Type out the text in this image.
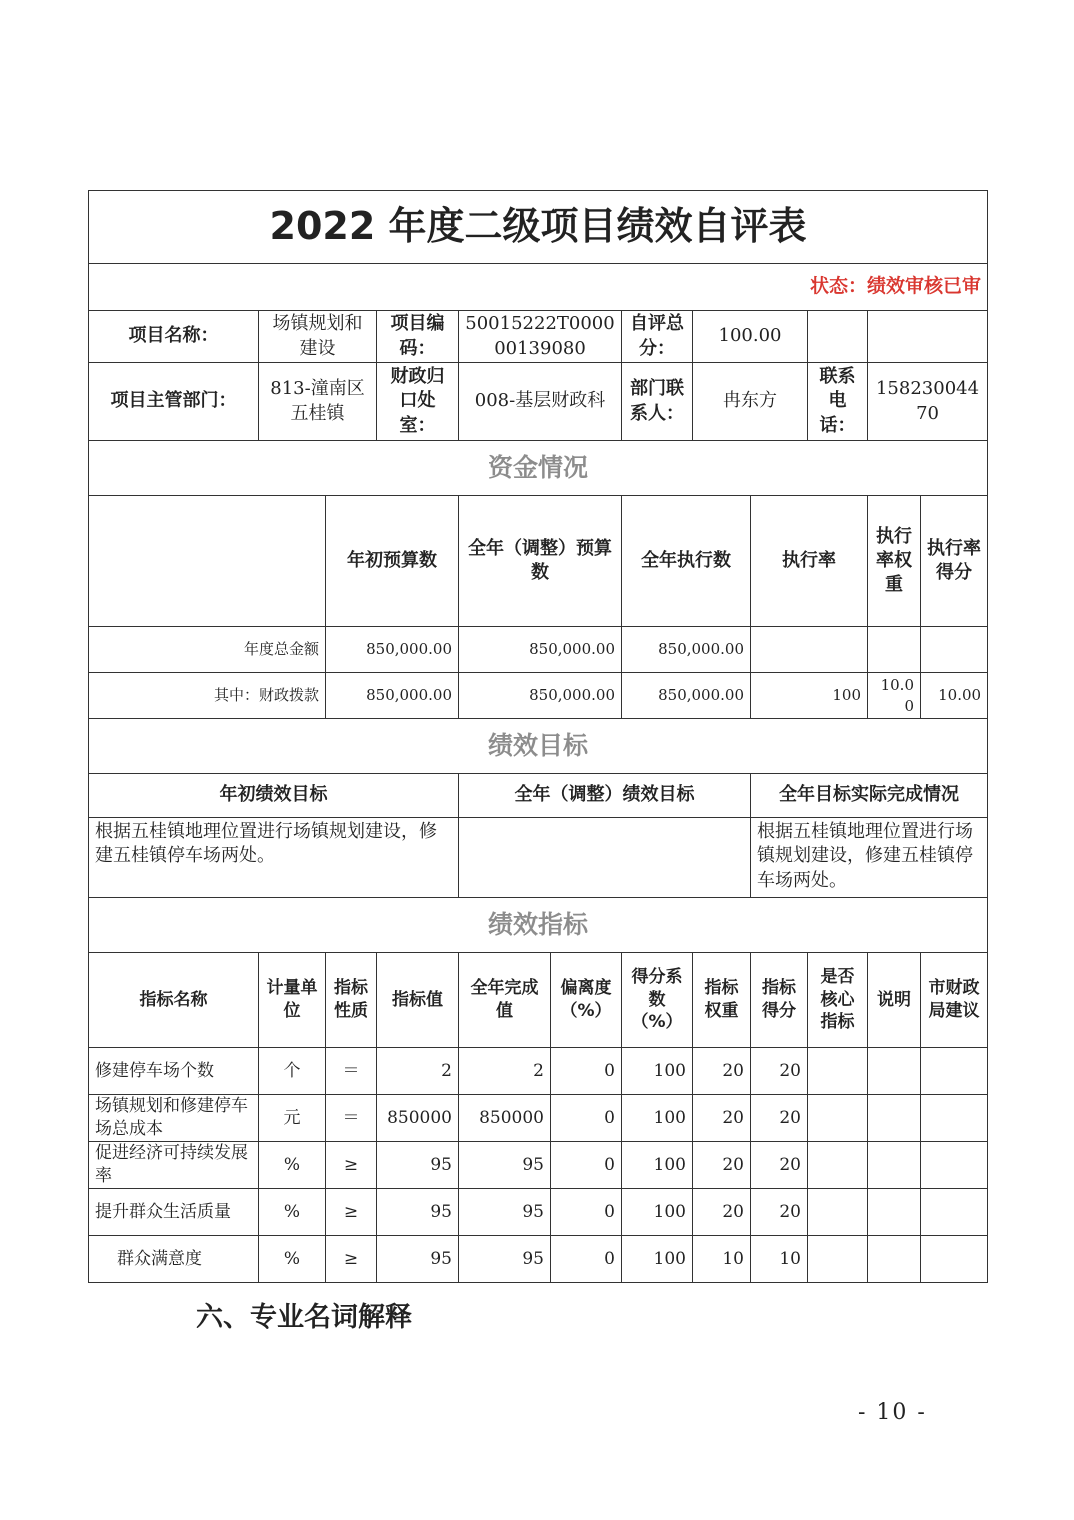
2022 年度二级项目绩效自评表											
状态：绩效审核已审											
项目名称：	场镇规划和建设		项目编码：	50015222T000000139080		自评总分：	100.00				
项目主管部门：	813-潼南区五桂镇		财政归口处室：	008-基层财政科		部门联系人：	冉东方		联系电话：	15823004470	
资金情况											
		年初预算数		全年（调整）预算数		全年执行数		执行率		执行率权重	执行率得分
年度总金额		850,000.00		850,000.00		850,000.00					
其中：财政拨款		850,000.00		850,000.00		850,000.00		100		10.00	10.00
绩效目标											
年初绩效目标				全年（调整）绩效目标				全年目标实际完成情况			
根据五桂镇地理位置进行场镇规划建设，修建五桂镇停车场两处。								根据五桂镇地理位置进行场镇规划建设，修建五桂镇停车场两处。			
绩效指标											
指标名称	计量单位	指标性质	指标值	全年完成值	偏离度（%）	得分系数（%）	指标权重	指标得分	是否核心指标	说明	市财政局建议
修建停车场个数	个	＝	2	2	0	100	20	20			
场镇规划和修建停车场总成本	元	＝	850000	850000	0	100	20	20			
促进经济可持续发展率	%	≥	95	95	0	100	20	20			
提升群众生活质量	%	≥	95	95	0	100	20	20			
群众满意度	%	≥	95	95	0	100	10	10			
六、专业名词解释
- 10 -
